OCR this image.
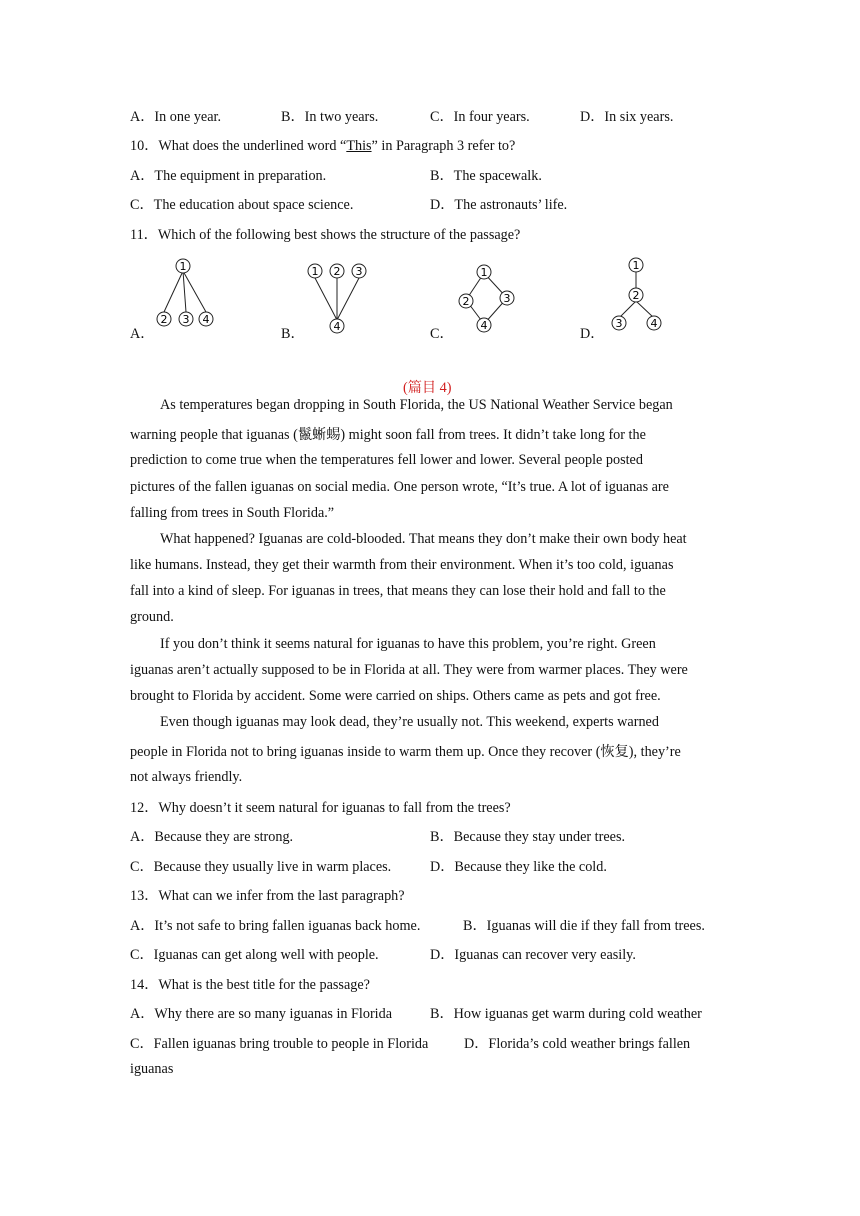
A．In one year.	B．In two years.	C．In four years.	D．In six years.
10．What does the underlined word “This” in Paragraph 3 refer to?
A．The equipment in preparation.	B．The spacewalk.
C．The education about space science.	D．The astronauts’ life.
11．Which of the following best shows the structure of the passage?
A．	B．	C．	D．
1
2 3 4
1 2 3
4
1
2	3
4
1
2
3	4
(篇目 4)
As temperatures began dropping in South Florida, the US National Weather Service began
warning people that iguanas (鬣蜥蜴) might soon fall from trees. It didn’t take long for the
prediction to come true when the temperatures fell lower and lower. Several people posted
pictures of the fallen iguanas on social media. One person wrote, “It’s true. A lot of iguanas are
falling from trees in South Florida.”
What happened? Iguanas are cold-blooded. That means they don’t make their own body heat
like humans. Instead, they get their warmth from their environment. When it’s too cold, iguanas
fall into a kind of sleep. For iguanas in trees, that means they can lose their hold and fall to the
ground.
If you don’t think it seems natural for iguanas to have this problem, you’re right. Green
iguanas aren’t actually supposed to be in Florida at all. They were from warmer places. They were
brought to Florida by accident. Some were carried on ships. Others came as pets and got free.
Even though iguanas may look dead, they’re usually not. This weekend, experts warned
people in Florida not to bring iguanas inside to warm them up. Once they recover (恢复), they’re
not always friendly.
12．Why doesn’t it seem natural for iguanas to fall from the trees?
A．Because they are strong.	B．Because they stay under trees.
C．Because they usually live in warm places.	D．Because they like the cold.
13．What can we infer from the last paragraph?
A．It’s not safe to bring fallen iguanas back home.	B．Iguanas will die if they fall from trees.
C．Iguanas can get along well with people.	D．Iguanas can recover very easily.
14．What is the best title for the passage?
A．Why there are so many iguanas in Florida	B．How iguanas get warm during cold weather
C．Fallen iguanas bring trouble to people in Florida	D．Florida’s cold weather brings fallen
iguanas
